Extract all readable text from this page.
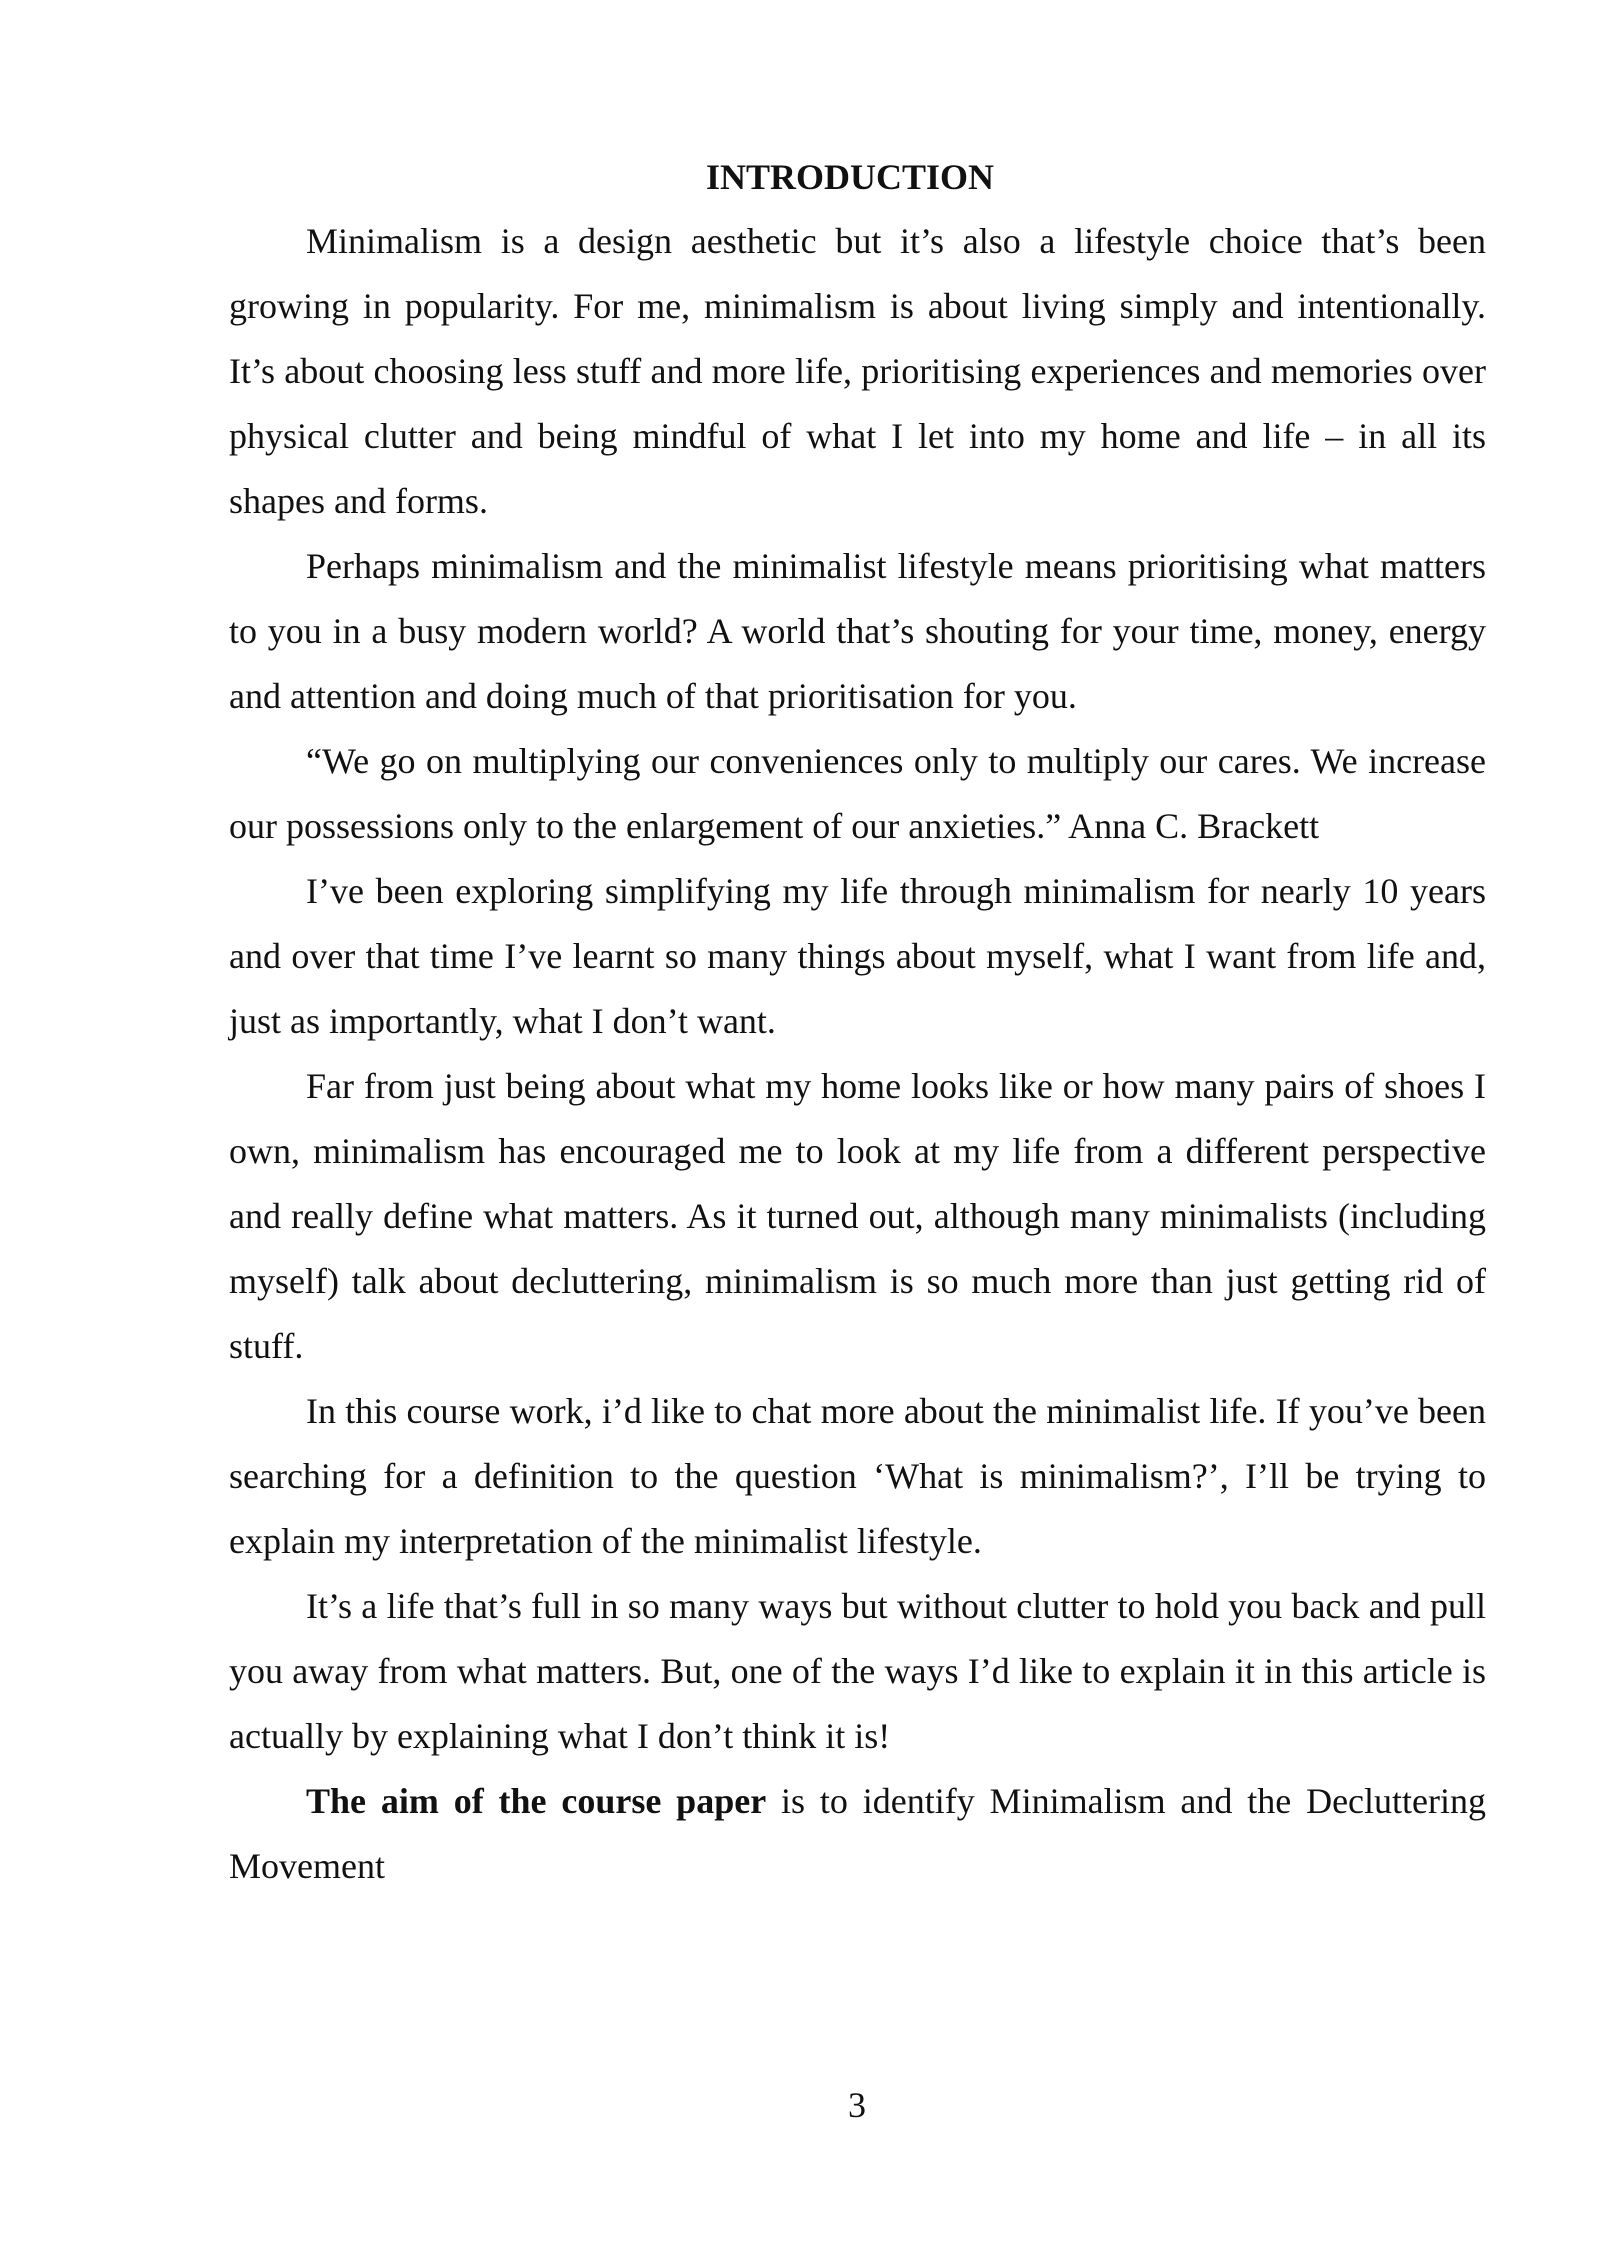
INTRODUCTION

Minimalism is a design aesthetic but it’s also a lifestyle choice that’s been growing in popularity. For me, minimalism is about living simply and intentionally. It’s about choosing less stuff and more life, prioritising experiences and memories over physical clutter and being mindful of what I let into my home and life – in all its shapes and forms.

Perhaps minimalism and the minimalist lifestyle means prioritising what matters to you in a busy modern world? A world that’s shouting for your time, money, energy and attention and doing much of that prioritisation for you.

“We go on multiplying our conveniences only to multiply our cares. We increase our possessions only to the enlargement of our anxieties.” Anna C. Brackett

I’ve been exploring simplifying my life through minimalism for nearly 10 years and over that time I’ve learnt so many things about myself, what I want from life and, just as importantly, what I don’t want.

Far from just being about what my home looks like or how many pairs of shoes I own, minimalism has encouraged me to look at my life from a different perspective and really define what matters. As it turned out, although many minimalists (including myself) talk about decluttering, minimalism is so much more than just getting rid of stuff.

In this course work, i’d like to chat more about the minimalist life. If you’ve been searching for a definition to the question ‘What is minimalism?’, I’ll be trying to explain my interpretation of the minimalist lifestyle.

It’s a life that’s full in so many ways but without clutter to hold you back and pull you away from what matters. But, one of the ways I’d like to explain it in this article is actually by explaining what I don’t think it is!

The aim of the course paper is to identify Minimalism and the Decluttering Movement

3
